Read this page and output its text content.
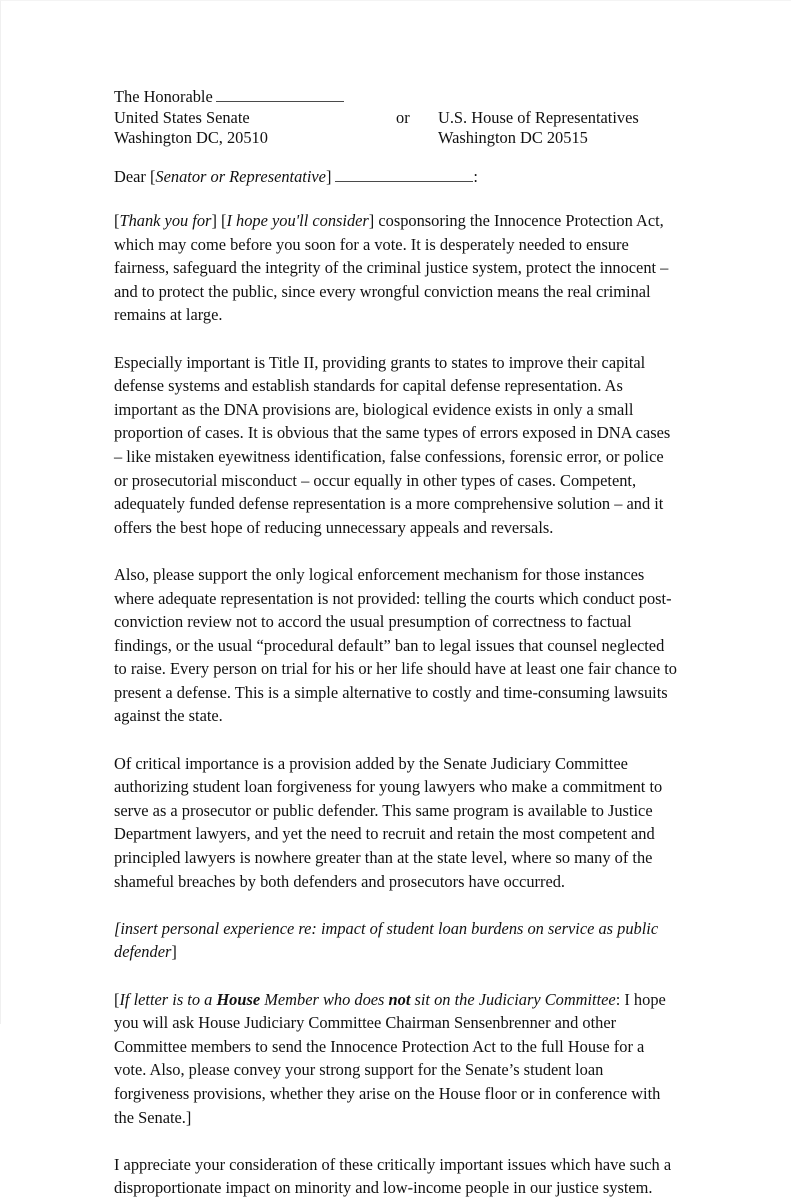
The Honorable
United States Senate	or	U.S. House of Representatives
Washington DC, 20510	Washington DC 20515
Dear [Senator or Representative]	:

[Thank you for] [I hope you'll consider] cosponsoring the Innocence Protection Act, which may come before you soon for a vote. It is desperately needed to ensure fairness, safeguard the integrity of the criminal justice system, protect the innocent – and to protect the public, since every wrongful conviction means the real criminal remains at large.

Especially important is Title II, providing grants to states to improve their capital defense systems and establish standards for capital defense representation. As important as the DNA provisions are, biological evidence exists in only a small proportion of cases. It is obvious that the same types of errors exposed in DNA cases – like mistaken eyewitness identification, false confessions, forensic error, or police or prosecutorial misconduct – occur equally in other types of cases. Competent, adequately funded defense representation is a more comprehensive solution – and it offers the best hope of reducing unnecessary appeals and reversals.

Also, please support the only logical enforcement mechanism for those instances where adequate representation is not provided: telling the courts which conduct post-conviction review not to accord the usual presumption of correctness to factual findings, or the usual “procedural default” ban to legal issues that counsel neglected to raise. Every person on trial for his or her life should have at least one fair chance to present a defense. This is a simple alternative to costly and time-consuming lawsuits against the state.

Of critical importance is a provision added by the Senate Judiciary Committee authorizing student loan forgiveness for young lawyers who make a commitment to serve as a prosecutor or public defender. This same program is available to Justice Department lawyers, and yet the need to recruit and retain the most competent and principled lawyers is nowhere greater than at the state level, where so many of the shameful breaches by both defenders and prosecutors have occurred.

[insert personal experience re: impact of student loan burdens on service as public defender]

[If letter is to a House Member who does not sit on the Judiciary Committee: I hope you will ask House Judiciary Committee Chairman Sensenbrenner and other Committee members to send the Innocence Protection Act to the full House for a vote. Also, please convey your strong support for the Senate’s student loan forgiveness provisions, whether they arise on the House floor or in conference with the Senate.]

I appreciate your consideration of these critically important issues which have such a disproportionate impact on minority and low-income people in our justice system.
